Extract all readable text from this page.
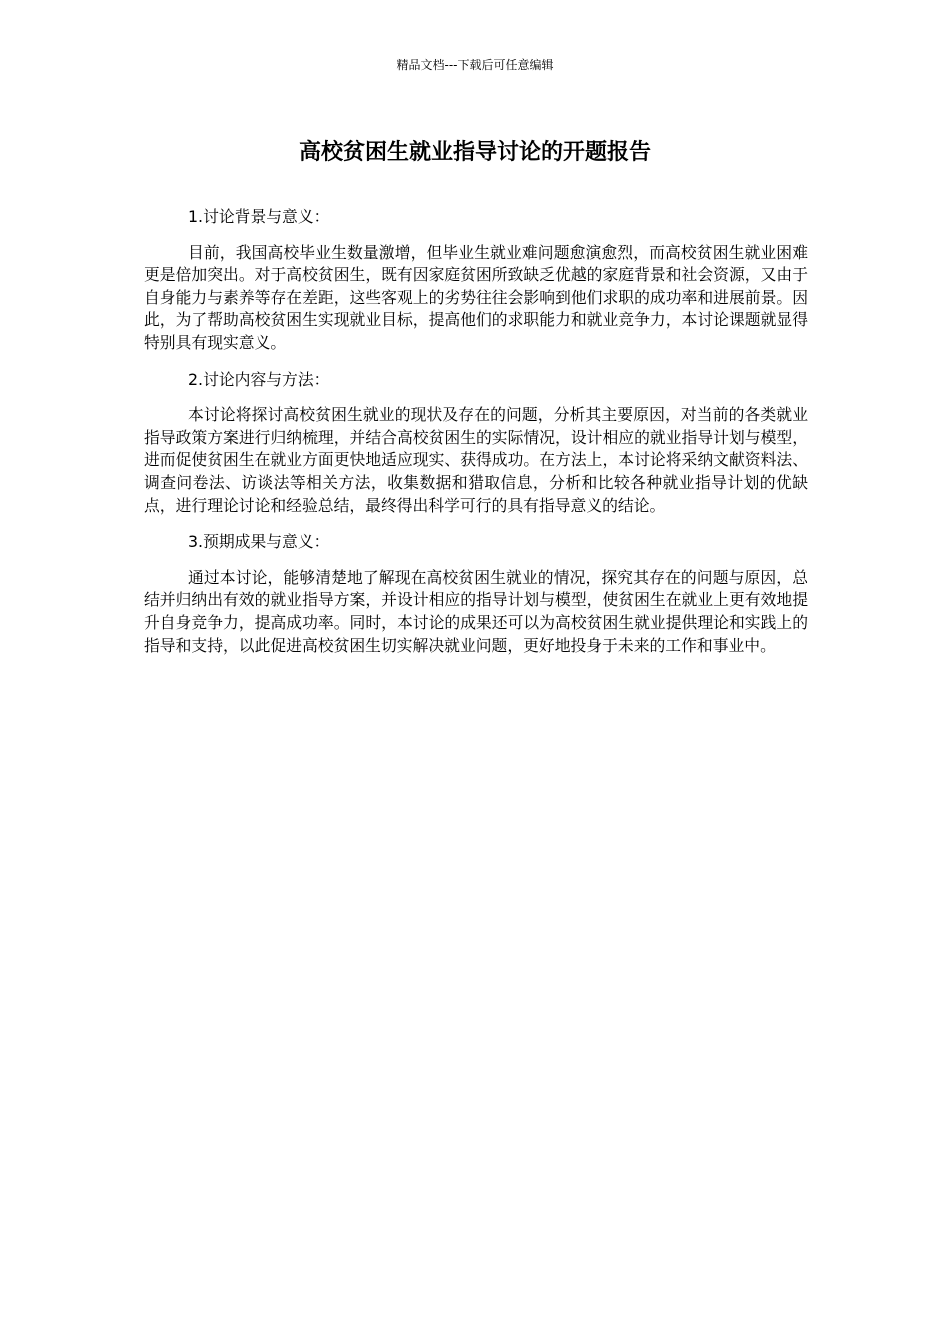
精品文档---下载后可任意编辑
高校贫困生就业指导讨论的开题报告

1.讨论背景与意义：

目前，我国高校毕业生数量激增，但毕业生就业难问题愈演愈烈，而高校贫困生就业困难更是倍加突出。对于高校贫困生，既有因家庭贫困所致缺乏优越的家庭背景和社会资源，又由于自身能力与素养等存在差距，这些客观上的劣势往往会影响到他们求职的成功率和进展前景。因此，为了帮助高校贫困生实现就业目标，提高他们的求职能力和就业竞争力，本讨论课题就显得特别具有现实意义。

2.讨论内容与方法：

本讨论将探讨高校贫困生就业的现状及存在的问题，分析其主要原因，对当前的各类就业指导政策方案进行归纳梳理，并结合高校贫困生的实际情况，设计相应的就业指导计划与模型，进而促使贫困生在就业方面更快地适应现实、获得成功。在方法上，本讨论将采纳文献资料法、调查问卷法、访谈法等相关方法，收集数据和猎取信息，分析和比较各种就业指导计划的优缺点，进行理论讨论和经验总结，最终得出科学可行的具有指导意义的结论。

3.预期成果与意义：

通过本讨论，能够清楚地了解现在高校贫困生就业的情况，探究其存在的问题与原因，总结并归纳出有效的就业指导方案，并设计相应的指导计划与模型，使贫困生在就业上更有效地提升自身竞争力，提高成功率。同时，本讨论的成果还可以为高校贫困生就业提供理论和实践上的指导和支持，以此促进高校贫困生切实解决就业问题，更好地投身于未来的工作和事业中。
